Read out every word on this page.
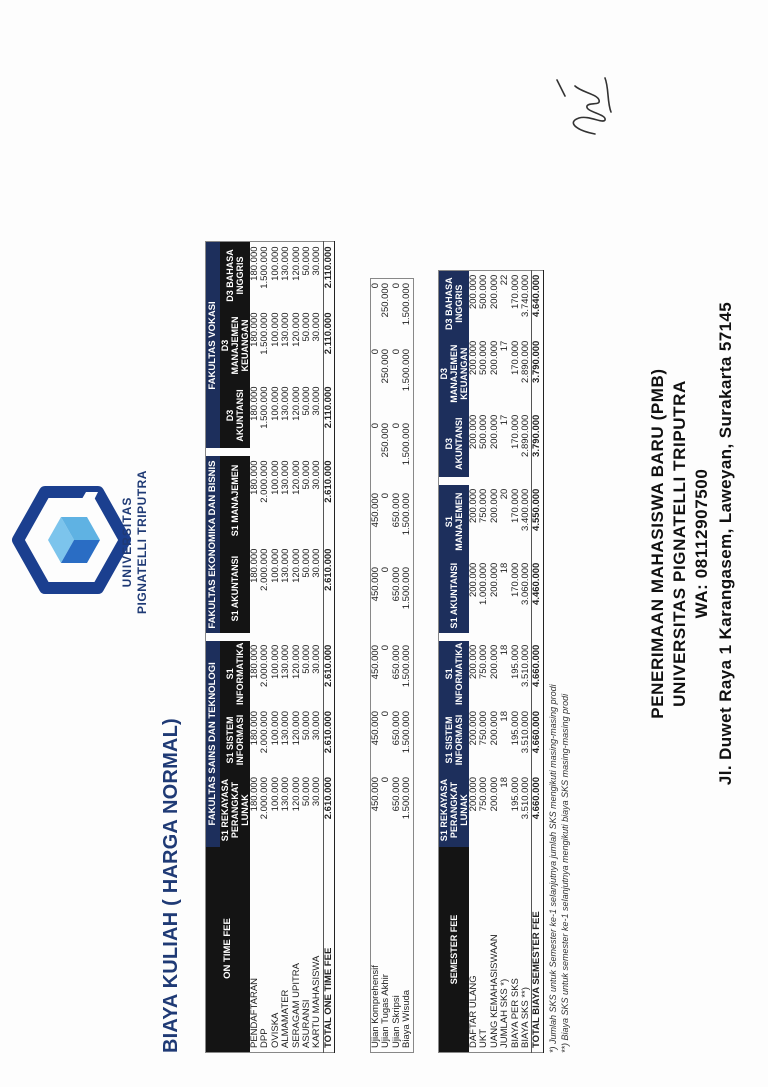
BIAYA KULIAH ( HARGA NORMAL)
UNIVERSITAS PIGNATELLI TRIPUTRA
ON TIME FEE	FAKULTAS SAINS DAN TEKNOLOGI				FAKULTAS EKONOMIKA DAN BISNIS			FAKULTAS VOKASI		
	S1 REKAYASA PERANGKAT LUNAK	S1 SISTEM INFORMASI	S1 INFORMATIKA		S1 AKUNTANSI	S1 MANAJEMEN		D3 AKUNTANSI	D3 MANAJEMEN KEUANGAN	D3 BAHASA INGGRIS
PENDAFTARAN	180.000	180.000	180.000		180.000	180.000		180.000	180.000	180.000
DPP	2.000.000	2.000.000	2.000.000		2.000.000	2.000.000		1.500.000	1.500.000	1.500.000
OVISKA	100.000	100.000	100.000		100.000	100.000		100.000	100.000	100.000
ALMAMATER	130.000	130.000	130.000		130.000	130.000		130.000	130.000	130.000
SERAGAM UPITRA	120.000	120.000	120.000		120.000	120.000		120.000	120.000	120.000
ASURANSI	50.000	50.000	50.000		50.000	50.000		50.000	50.000	50.000
KARTU MAHASISWA	30.000	30.000	30.000		30.000	30.000		30.000	30.000	30.000
TOTAL ONE TIME FEE	2.610.000	2.610.000	2.610.000		2.610.000	2.610.000		2.110.000	2.110.000	2.110.000
Ujian Komprehensif	450.000	450.000	450.000		450.000	450.000		0	0	0
Ujian Tugas Akhir	0	0	0		0	0		250.000	250.000	250.000
Ujian Skripsi	650.000	650.000	650.000		650.000	650.000		0	0	0
Biaya Wisuda	1.500.000	1.500.000	1.500.000		1.500.000	1.500.000		1.500.000	1.500.000	1.500.000
SEMESTER FEE	S1 REKAYASA PERANGKAT LUNAK	S1 SISTEM INFORMASI	S1 INFORMATIKA		S1 AKUNTANSI	S1 MANAJEMEN		D3 AKUNTANSI	D3 MANAJEMEN KEUANGAN	D3 BAHASA INGGRIS
DAFTAR ULANG	200.000	200.000	200.000		200.000	200.000		200.000	200.000	200.000
UKT	750.000	750.000	750.000		1.000.000	750.000		500.000	500.000	500.000
UANG KEMAHASISWAAN	200.000	200.000	200.000		200.000	200.000		200.000	200.000	200.000
JUMLAH SKS *)	18	18	18		18	20		17	17	22
BIAYA PER SKS	195.000	195.000	195.000		170.000	170.000		170.000	170.000	170.000
BIAYA SKS **)	3.510.000	3.510.000	3.510.000		3.060.000	3.400.000		2.890.000	2.890.000	3.740.000
TOTAL BIAYA SEMESTER FEE	4.660.000	4.660.000	4.660.000		4.460.000	4.550.000		3.790.000	3.790.000	4.640.000
*) Jumlah SKS untuk Semester ke-1 selanjutnya jumlah SKS mengikuti masing-masing prodi **) Biaya SKS untuk semester ke-1 selanjutnya mengikuti biaya SKS masing-masing prodi
PENERIMAAN MAHASISWA BARU (PMB) UNIVERSITAS PIGNATELLI TRIPUTRA WA: 08112907500 Jl. Duwet Raya 1 Karangasem, Laweyan, Surakarta 57145
